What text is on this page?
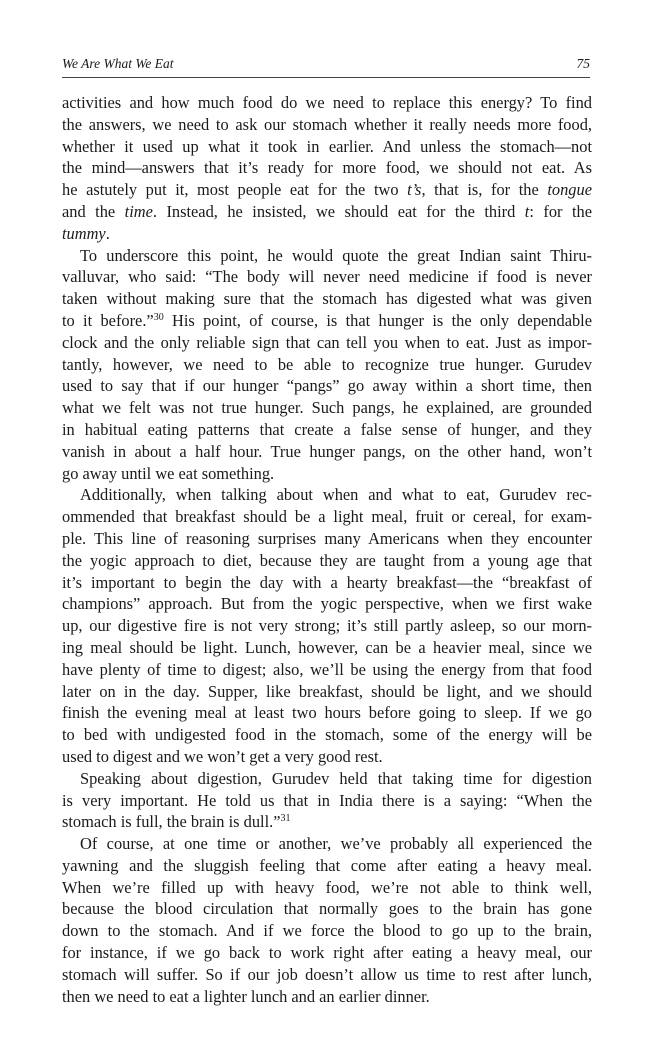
We Are What We Eat	75
activities and how much food do we need to replace this energy? To find
the answers, we need to ask our stomach whether it really needs more food,
whether it used up what it took in earlier. And unless the stomach—not
the mind—answers that it’s ready for more food, we should not eat. As
he astutely put it, most people eat for the two t’s, that is, for the tongue
and the time. Instead, he insisted, we should eat for the third t: for the
tummy.
To underscore this point, he would quote the great Indian saint Thiru-
valluvar, who said: “The body will never need medicine if food is never
taken without making sure that the stomach has digested what was given
to it before.”$^{30}$ His point, of course, is that hunger is the only dependable
clock and the only reliable sign that can tell you when to eat. Just as impor-
tantly, however, we need to be able to recognize true hunger. Gurudev
used to say that if our hunger “pangs” go away within a short time, then
what we felt was not true hunger. Such pangs, he explained, are grounded
in habitual eating patterns that create a false sense of hunger, and they
vanish in about a half hour. True hunger pangs, on the other hand, won’t
go away until we eat something.
Additionally, when talking about when and what to eat, Gurudev rec-
ommended that breakfast should be a light meal, fruit or cereal, for exam-
ple. This line of reasoning surprises many Americans when they encounter
the yogic approach to diet, because they are taught from a young age that
it’s important to begin the day with a hearty breakfast—the “breakfast of
champions” approach. But from the yogic perspective, when we first wake
up, our digestive fire is not very strong; it’s still partly asleep, so our morn-
ing meal should be light. Lunch, however, can be a heavier meal, since we
have plenty of time to digest; also, we’ll be using the energy from that food
later on in the day. Supper, like breakfast, should be light, and we should
finish the evening meal at least two hours before going to sleep. If we go
to bed with undigested food in the stomach, some of the energy will be
used to digest and we won’t get a very good rest.
Speaking about digestion, Gurudev held that taking time for digestion
is very important. He told us that in India there is a saying: “When the
stomach is full, the brain is dull.”$^{31}$
Of course, at one time or another, we’ve probably all experienced the
yawning and the sluggish feeling that come after eating a heavy meal.
When we’re filled up with heavy food, we’re not able to think well,
because the blood circulation that normally goes to the brain has gone
down to the stomach. And if we force the blood to go up to the brain,
for instance, if we go back to work right after eating a heavy meal, our
stomach will suffer. So if our job doesn’t allow us time to rest after lunch,
then we need to eat a lighter lunch and an earlier dinner.
